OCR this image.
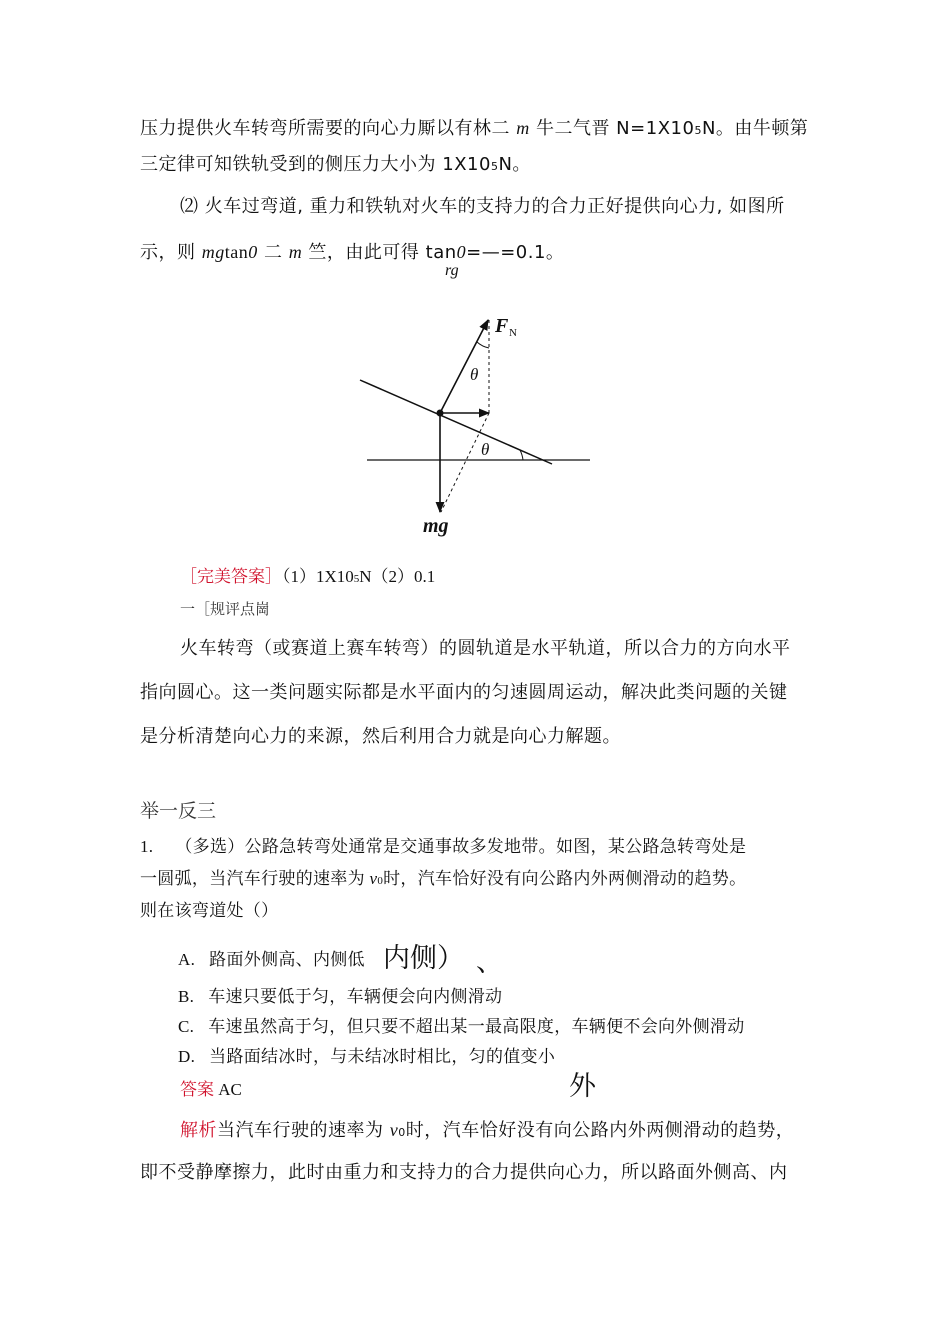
压力提供火车转弯所需要的向心力厮以有林二 m 牛二气晋 N=1X105N。由牛顿第
三定律可知铁轨受到的侧压力大小为 1X105N。
⑵ 火车过弯道, 重力和铁轨对火车的支持力的合力正好提供向心力, 如图所
示，则 mgtan0 二 m 竺，由此可得 tan0=—=0.1。
rg
F N
θ
θ
mg
［完美答案］（1）1X105N（2）0.1
一［规评点崗
火车转弯（或赛道上赛车转弯）的圆轨道是水平轨道，所以合力的方向水平
指向圆心。这一类问题实际都是水平面内的匀速圆周运动，解决此类问题的关键
是分析清楚向心力的来源，然后利用合力就是向心力解题。
举一反三
1. （多选）公路急转弯处通常是交通事故多发地带。如图，某公路急转弯处是
一圆弧，当汽车行驶的速率为 v0时，汽车恰好没有向公路内外两侧滑动的趋势。
则在该弯道处（）
A. 路面外侧高、内侧低 内侧） 、
B. 车速只要低于匀，车辆便会向内侧滑动
C. 车速虽然高于匀，但只要不超出某一最高限度，车辆便不会向外侧滑动
D. 当路面结冰时，与未结冰时相比，匀的值变小
答案 AC	外
解析当汽车行驶的速率为 v0时，汽车恰好没有向公路内外两侧滑动的趋势，
即不受静摩擦力，此时由重力和支持力的合力提供向心力，所以路面外侧高、内
